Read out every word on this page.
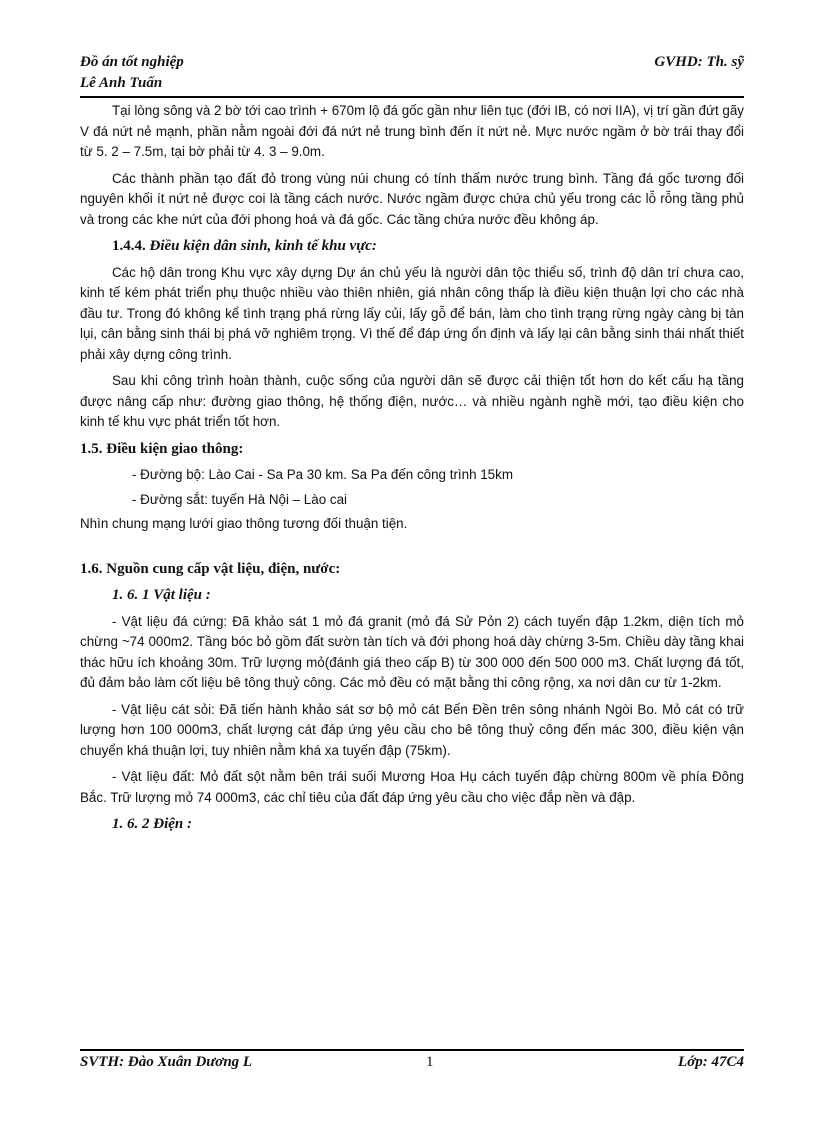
Đồ án tốt nghiệp	GVHD: Th. sỹ
Lê Anh Tuấn

Tại lòng sông và 2 bờ tới cao trình + 670m lộ đá gốc gần như liên tục (đới IB, có nơi IIA), vị trí gần đứt gãy V đá nứt nẻ mạnh, phần nằm ngoài đới đá nứt nẻ trung bình đến ít nứt nẻ. Mực nước ngầm ở bờ trái thay đổi từ 5. 2 – 7.5m, tại bờ phải từ 4. 3 – 9.0m.

Các thành phần tạo đất đỏ trong vùng núi chung có tính thấm nước trung bình. Tầng đá gốc tương đối nguyên khối ít nứt nẻ được coi là tầng cách nước. Nước ngầm được chứa chủ yếu trong các lỗ rỗng tầng phủ và trong các khe nứt của đới phong hoá và đá gốc. Các tầng chứa nước đều không áp.

1.4.4. Điều kiện dân sinh, kinh tế khu vực:

Các hộ dân trong Khu vực xây dựng Dự án chủ yếu là người dân tộc thiểu số, trình độ dân trí chưa cao, kinh tế kém phát triển phụ thuộc nhiều vào thiên nhiên, giá nhân công thấp là điều kiện thuận lợi cho các nhà đầu tư. Trong đó không kể tình trạng phá rừng lấy củi, lấy gỗ để bán, làm cho tình trạng rừng ngày càng bị tàn lụi, cân bằng sinh thái bị phá vỡ nghiêm trọng. Vì thế để đáp ứng ổn định và lấy lại cân bằng sinh thái nhất thiết phải xây dựng công trình.

Sau khi công trình hoàn thành, cuộc sống của người dân sẽ được cải thiện tốt hơn do kết cấu hạ tầng được nâng cấp như: đường giao thông, hệ thống điện, nước… và nhiều ngành nghề mới, tạo điều kiện cho kinh tế khu vực phát triển tốt hơn.

1.5. Điều kiện giao thông:

- Đường bộ: Lào Cai - Sa Pa 30 km. Sa Pa đến công trình 15km

- Đường sắt: tuyến Hà Nội – Lào cai

Nhìn chung mạng lưới giao thông tương đối thuận tiện.

1.6. Nguồn cung cấp vật liệu, điện, nước:
1. 6. 1 Vật liệu :

- Vật liệu đá cứng: Đã khảo sát 1 mỏ đá granit (mỏ đá Sử Pỏn 2) cách tuyến đập 1.2km, diện tích mỏ chừng ~74 000m2. Tầng bóc bỏ gồm đất sườn tàn tích và đới phong hoá dày chừng 3-5m. Chiều dày tầng khai thác hữu ích khoảng 30m. Trữ lượng mỏ(đánh giá theo cấp B) từ 300 000 đến 500 000 m3. Chất lượng đá tốt, đủ đảm bảo làm cốt liệu bê tông thuỷ công. Các mỏ đều có mặt bằng thi công rộng, xa nơi dân cư từ 1-2km.

- Vật liệu cát sỏi: Đã tiến hành khảo sát sơ bộ mỏ cát Bến Đền trên sông nhánh Ngòi Bo. Mỏ cát có trữ lượng hơn 100 000m3, chất lượng cát đáp ứng yêu cầu cho bê tông thuỷ công đến mác 300, điều kiện vận chuyển khá thuận lợi, tuy nhiên nằm khá xa tuyến đập (75km).

- Vật liệu đất: Mỏ đất sột nằm bên trái suối Mương Hoa Hụ cách tuyến đập chừng 800m về phía Đông Bắc. Trữ lượng mỏ 74 000m3, các chỉ tiêu của đất đáp ứng yêu cầu cho việc đắp nền và đập.

1. 6. 2 Điện :
SVTH: Đào Xuân Dương L	1	Lớp: 47C4
